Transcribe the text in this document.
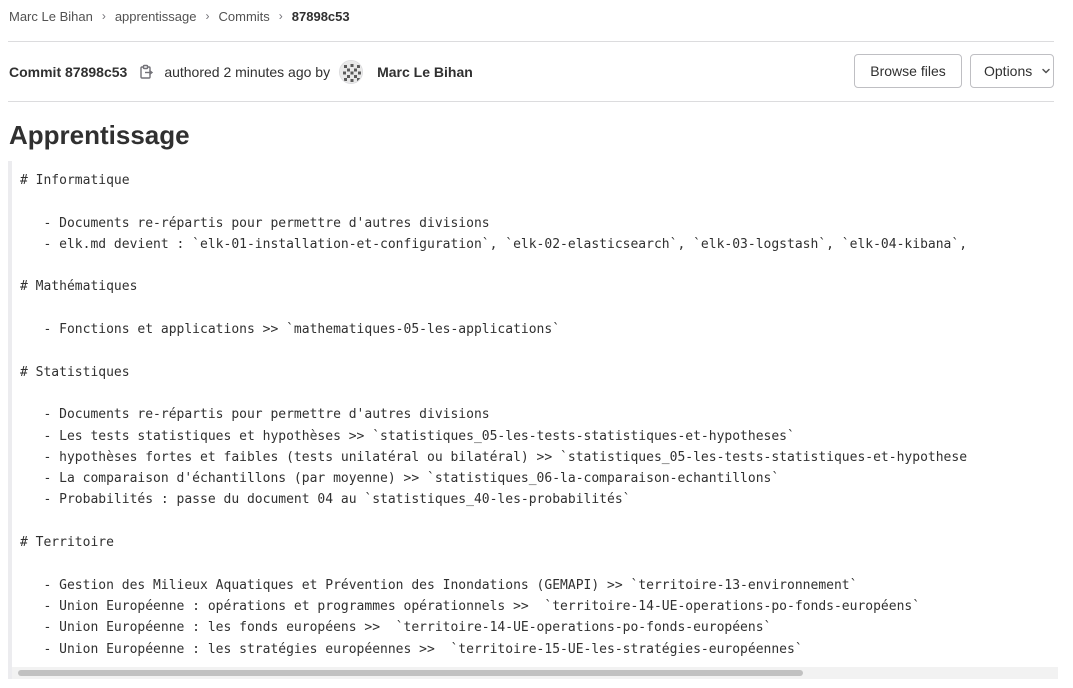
Marc Le Bihan › apprentissage › Commits › 87898c53
Commit 87898c53	authored 2 minutes ago by	Marc Le Bihan	Browse files	Options
Apprentissage
# Informatique

- Documents re-répartis pour permettre d'autres divisions
- elk.md devient : `elk-01-installation-et-configuration`, `elk-02-elasticsearch`, `elk-03-logstash`, `elk-04-kibana`,

# Mathématiques

- Fonctions et applications >> `mathematiques-05-les-applications`

# Statistiques

- Documents re-répartis pour permettre d'autres divisions
- Les tests statistiques et hypothèses >> `statistiques_05-les-tests-statistiques-et-hypotheses`
- hypothèses fortes et faibles (tests unilatéral ou bilatéral) >> `statistiques_05-les-tests-statistiques-et-hypothese
- La comparaison d'échantillons (par moyenne) >> `statistiques_06-la-comparaison-echantillons`
- Probabilités : passe du document 04 au `statistiques_40-les-probabilités`

# Territoire

- Gestion des Milieux Aquatiques et Prévention des Inondations (GEMAPI) >> `territoire-13-environnement`
- Union Européenne : opérations et programmes opérationnels >>  `territoire-14-UE-operations-po-fonds-européens`
- Union Européenne : les fonds européens >>  `territoire-14-UE-operations-po-fonds-européens`
- Union Européenne : les stratégies européennes >>  `territoire-15-UE-les-stratégies-européennes`
